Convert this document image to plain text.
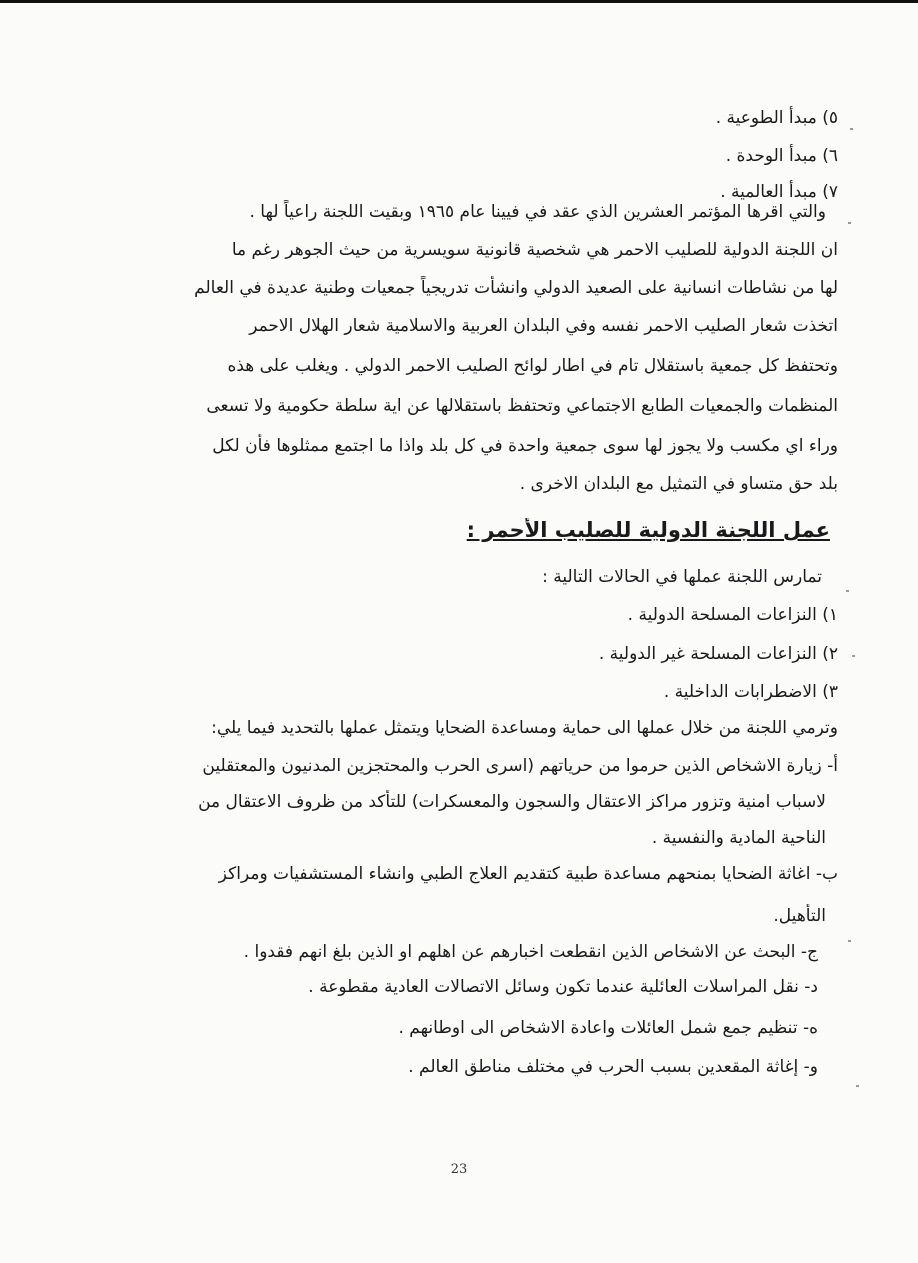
٥) مبدأ الطوعية .
٦) مبدأ الوحدة .
٧) مبدأ العالمية .
والتي اقرها المؤتمر العشرين الذي عقد في فيينا عام ١٩٦٥ وبقيت اللجنة راعياً لها .
ان اللجنة الدولية للصليب الاحمر هي شخصية قانونية سويسرية من حيث الجوهر رغم ما
لها من نشاطات انسانية على الصعيد الدولي وانشأت تدريجياً جمعيات وطنية عديدة في العالم
اتخذت شعار الصليب الاحمر نفسه وفي البلدان العربية والاسلامية شعار الهلال الاحمر
وتحتفظ كل جمعية باستقلال تام في اطار لوائح الصليب الاحمر الدولي . ويغلب على هذه
المنظمات والجمعيات الطابع الاجتماعي وتحتفظ باستقلالها عن اية سلطة حكومية ولا تسعى
وراء اي مكسب ولا يجوز لها سوى جمعية واحدة في كل بلد واذا ما اجتمع ممثلوها فأن لكل
بلد حق متساو في التمثيل مع البلدان الاخرى .
عمل اللجنة الدولية للصليب الأحمر :
تمارس اللجنة عملها في الحالات التالية :
١) النزاعات المسلحة الدولية .
٢) النزاعات المسلحة غير الدولية .
٣) الاضطرابات الداخلية .
وترمي اللجنة من خلال عملها الى حماية ومساعدة الضحايا ويتمثل عملها بالتحديد فيما يلي:
أ- زيارة الاشخاص الذين حرموا من حرياتهم (اسرى الحرب والمحتجزين المدنيون والمعتقلين
لاسباب امنية وتزور مراكز الاعتقال والسجون والمعسكرات) للتأكد من ظروف الاعتقال من
الناحية المادية والنفسية .
ب- اغاثة الضحايا بمنحهم مساعدة طبية كتقديم العلاج الطبي وانشاء المستشفيات ومراكز
التأهيل.
ج- البحث عن الاشخاص الذين انقطعت اخبارهم عن اهلهم او الذين بلغ انهم فقدوا .
د- نقل المراسلات العائلية عندما تكون وسائل الاتصالات العادية مقطوعة .
ه- تنظيم جمع شمل العائلات واعادة الاشخاص الى اوطانهم .
و- إغاثة المقعدين بسبب الحرب في مختلف مناطق العالم .
23
